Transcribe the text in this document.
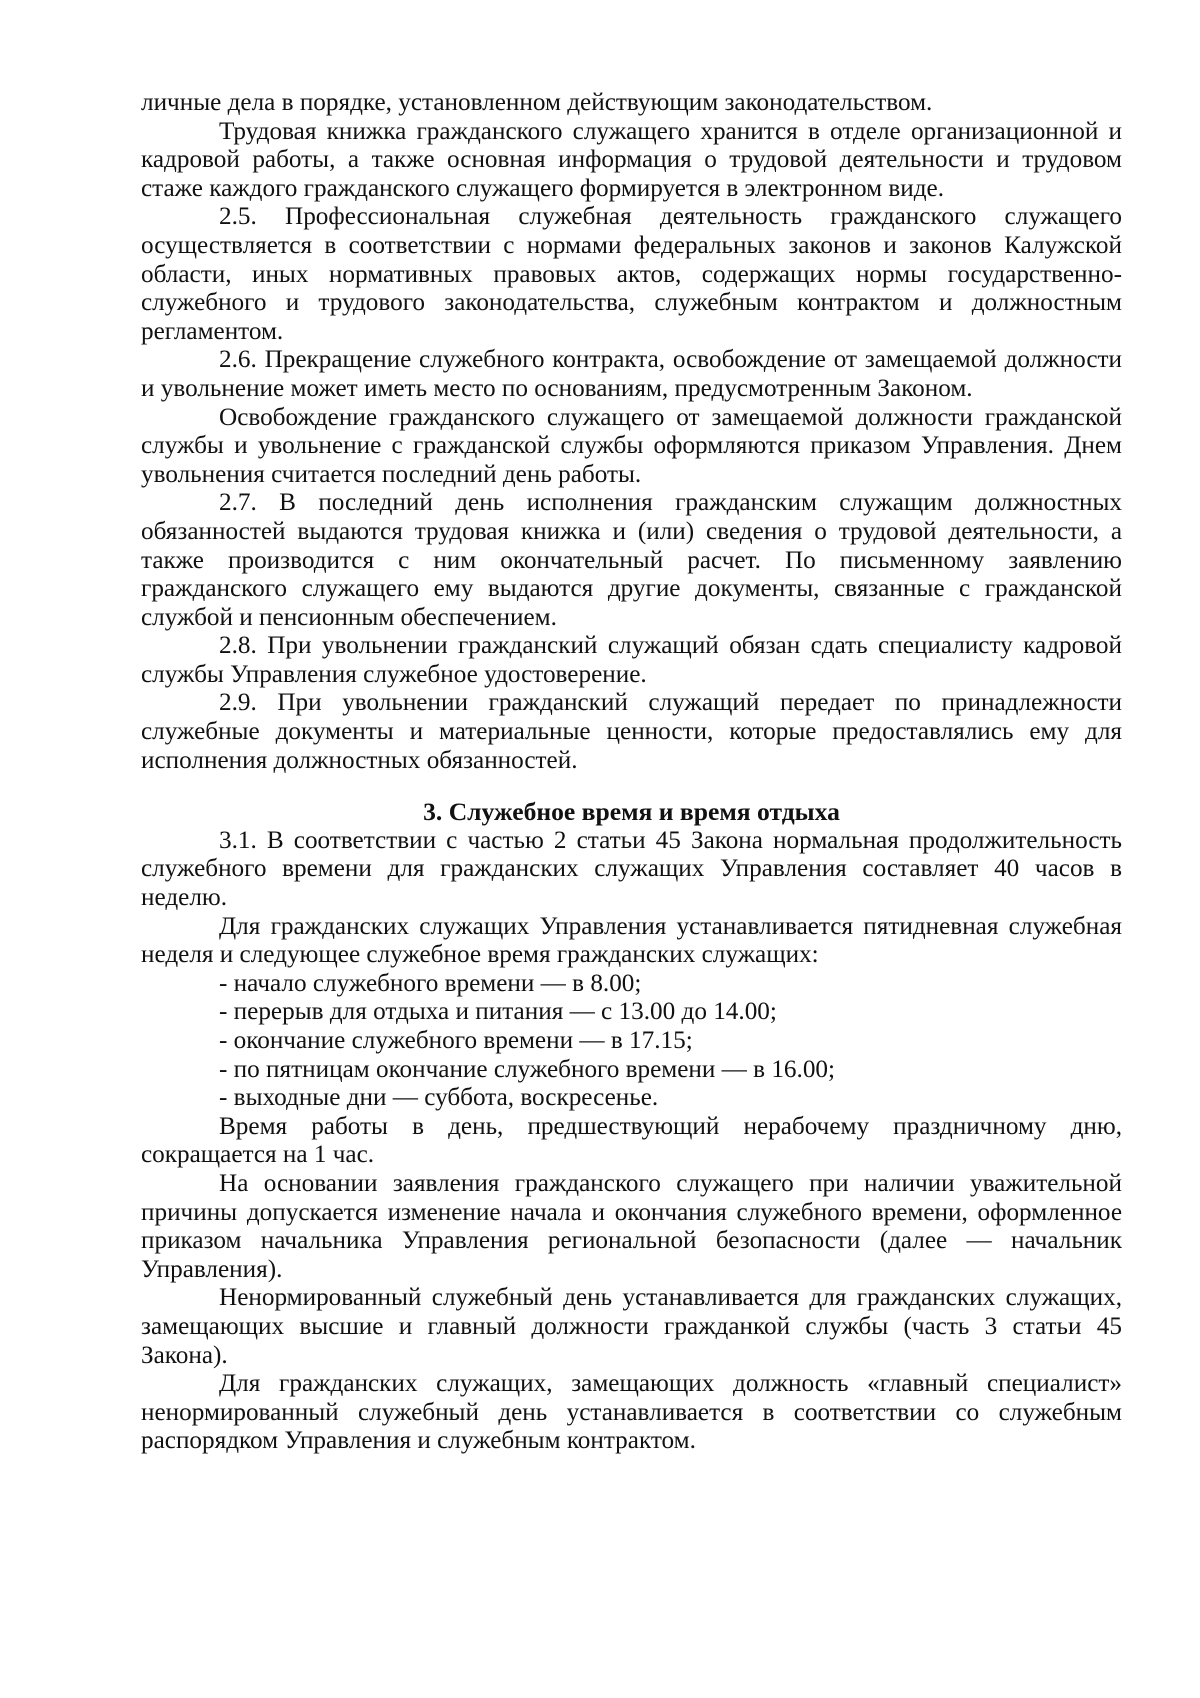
личные дела в порядке, установленном действующим законодательством.

Трудовая книжка гражданского служащего хранится в отделе организационной и кадровой работы, а также основная информация о трудовой деятельности и трудовом стаже каждого гражданского служащего формируется в электронном виде.

2.5. Профессиональная служебная деятельность гражданского служащего осуществляется в соответствии с нормами федеральных законов и законов Калужской области, иных нормативных правовых актов, содержащих нормы государственно-служебного и трудового законодательства, служебным контрактом и должностным регламентом.

2.6. Прекращение служебного контракта, освобождение от замещаемой должности и увольнение может иметь место по основаниям, предусмотренным Законом.

Освобождение гражданского служащего от замещаемой должности гражданской службы и увольнение с гражданской службы оформляются приказом Управления. Днем увольнения считается последний день работы.

2.7. В последний день исполнения гражданским служащим должностных обязанностей выдаются трудовая книжка и (или) сведения о трудовой деятельности, а также производится с ним окончательный расчет. По письменному заявлению гражданского служащего ему выдаются другие документы, связанные с гражданской службой и пенсионным обеспечением.

2.8. При увольнении гражданский служащий обязан сдать специалисту кадровой службы Управления служебное удостоверение.

2.9. При увольнении гражданский служащий передает по принадлежности служебные документы и материальные ценности, которые предоставлялись ему для исполнения должностных обязанностей.

3. Служебное время и время отдыха

3.1. В соответствии с частью 2 статьи 45 Закона нормальная продолжительность служебного времени для гражданских служащих Управления составляет 40 часов в неделю.

Для гражданских служащих Управления устанавливается пятидневная служебная неделя и следующее служебное время гражданских служащих:

- начало служебного времени — в 8.00;

- перерыв для отдыха и питания — с 13.00 до 14.00;

- окончание служебного времени — в 17.15;

- по пятницам окончание служебного времени — в 16.00;

- выходные дни — суббота, воскресенье.

Время работы в день, предшествующий нерабочему праздничному дню, сокращается на 1 час.

На основании заявления гражданского служащего при наличии уважительной причины допускается изменение начала и окончания служебного времени, оформленное приказом начальника Управления региональной безопасности (далее — начальник Управления).

Ненормированный служебный день устанавливается для гражданских служащих, замещающих высшие и главный должности гражданкой службы (часть 3 статьи 45 Закона).

Для гражданских служащих, замещающих должность «главный специалист» ненормированный служебный день устанавливается в соответствии со служебным распорядком Управления и служебным контрактом.
